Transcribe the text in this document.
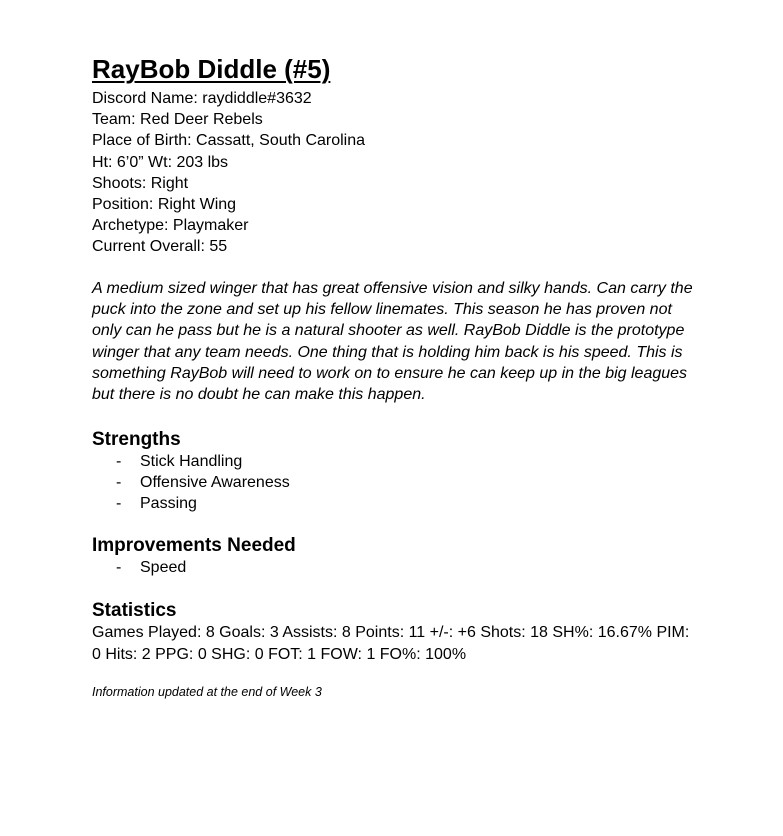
RayBob Diddle (#5)
Discord Name: raydiddle#3632
Team: Red Deer Rebels
Place of Birth: Cassatt, South Carolina
Ht: 6’0” Wt: 203 lbs
Shoots: Right
Position: Right Wing
Archetype: Playmaker
Current Overall: 55
A medium sized winger that has great offensive vision and silky hands. Can carry the puck into the zone and set up his fellow linemates. This season he has proven not only can he pass but he is a natural shooter as well. RayBob Diddle is the prototype winger that any team needs. One thing that is holding him back is his speed. This is something RayBob will need to work on to ensure he can keep up in the big leagues but there is no doubt he can make this happen.
Strengths
- Stick Handling
- Offensive Awareness
- Passing
Improvements Needed
- Speed
Statistics
Games Played: 8 Goals: 3 Assists: 8 Points: 11 +/-: +6 Shots: 18 SH%: 16.67% PIM: 0 Hits: 2 PPG: 0 SHG: 0 FOT: 1 FOW: 1 FO%: 100%
Information updated at the end of Week 3
